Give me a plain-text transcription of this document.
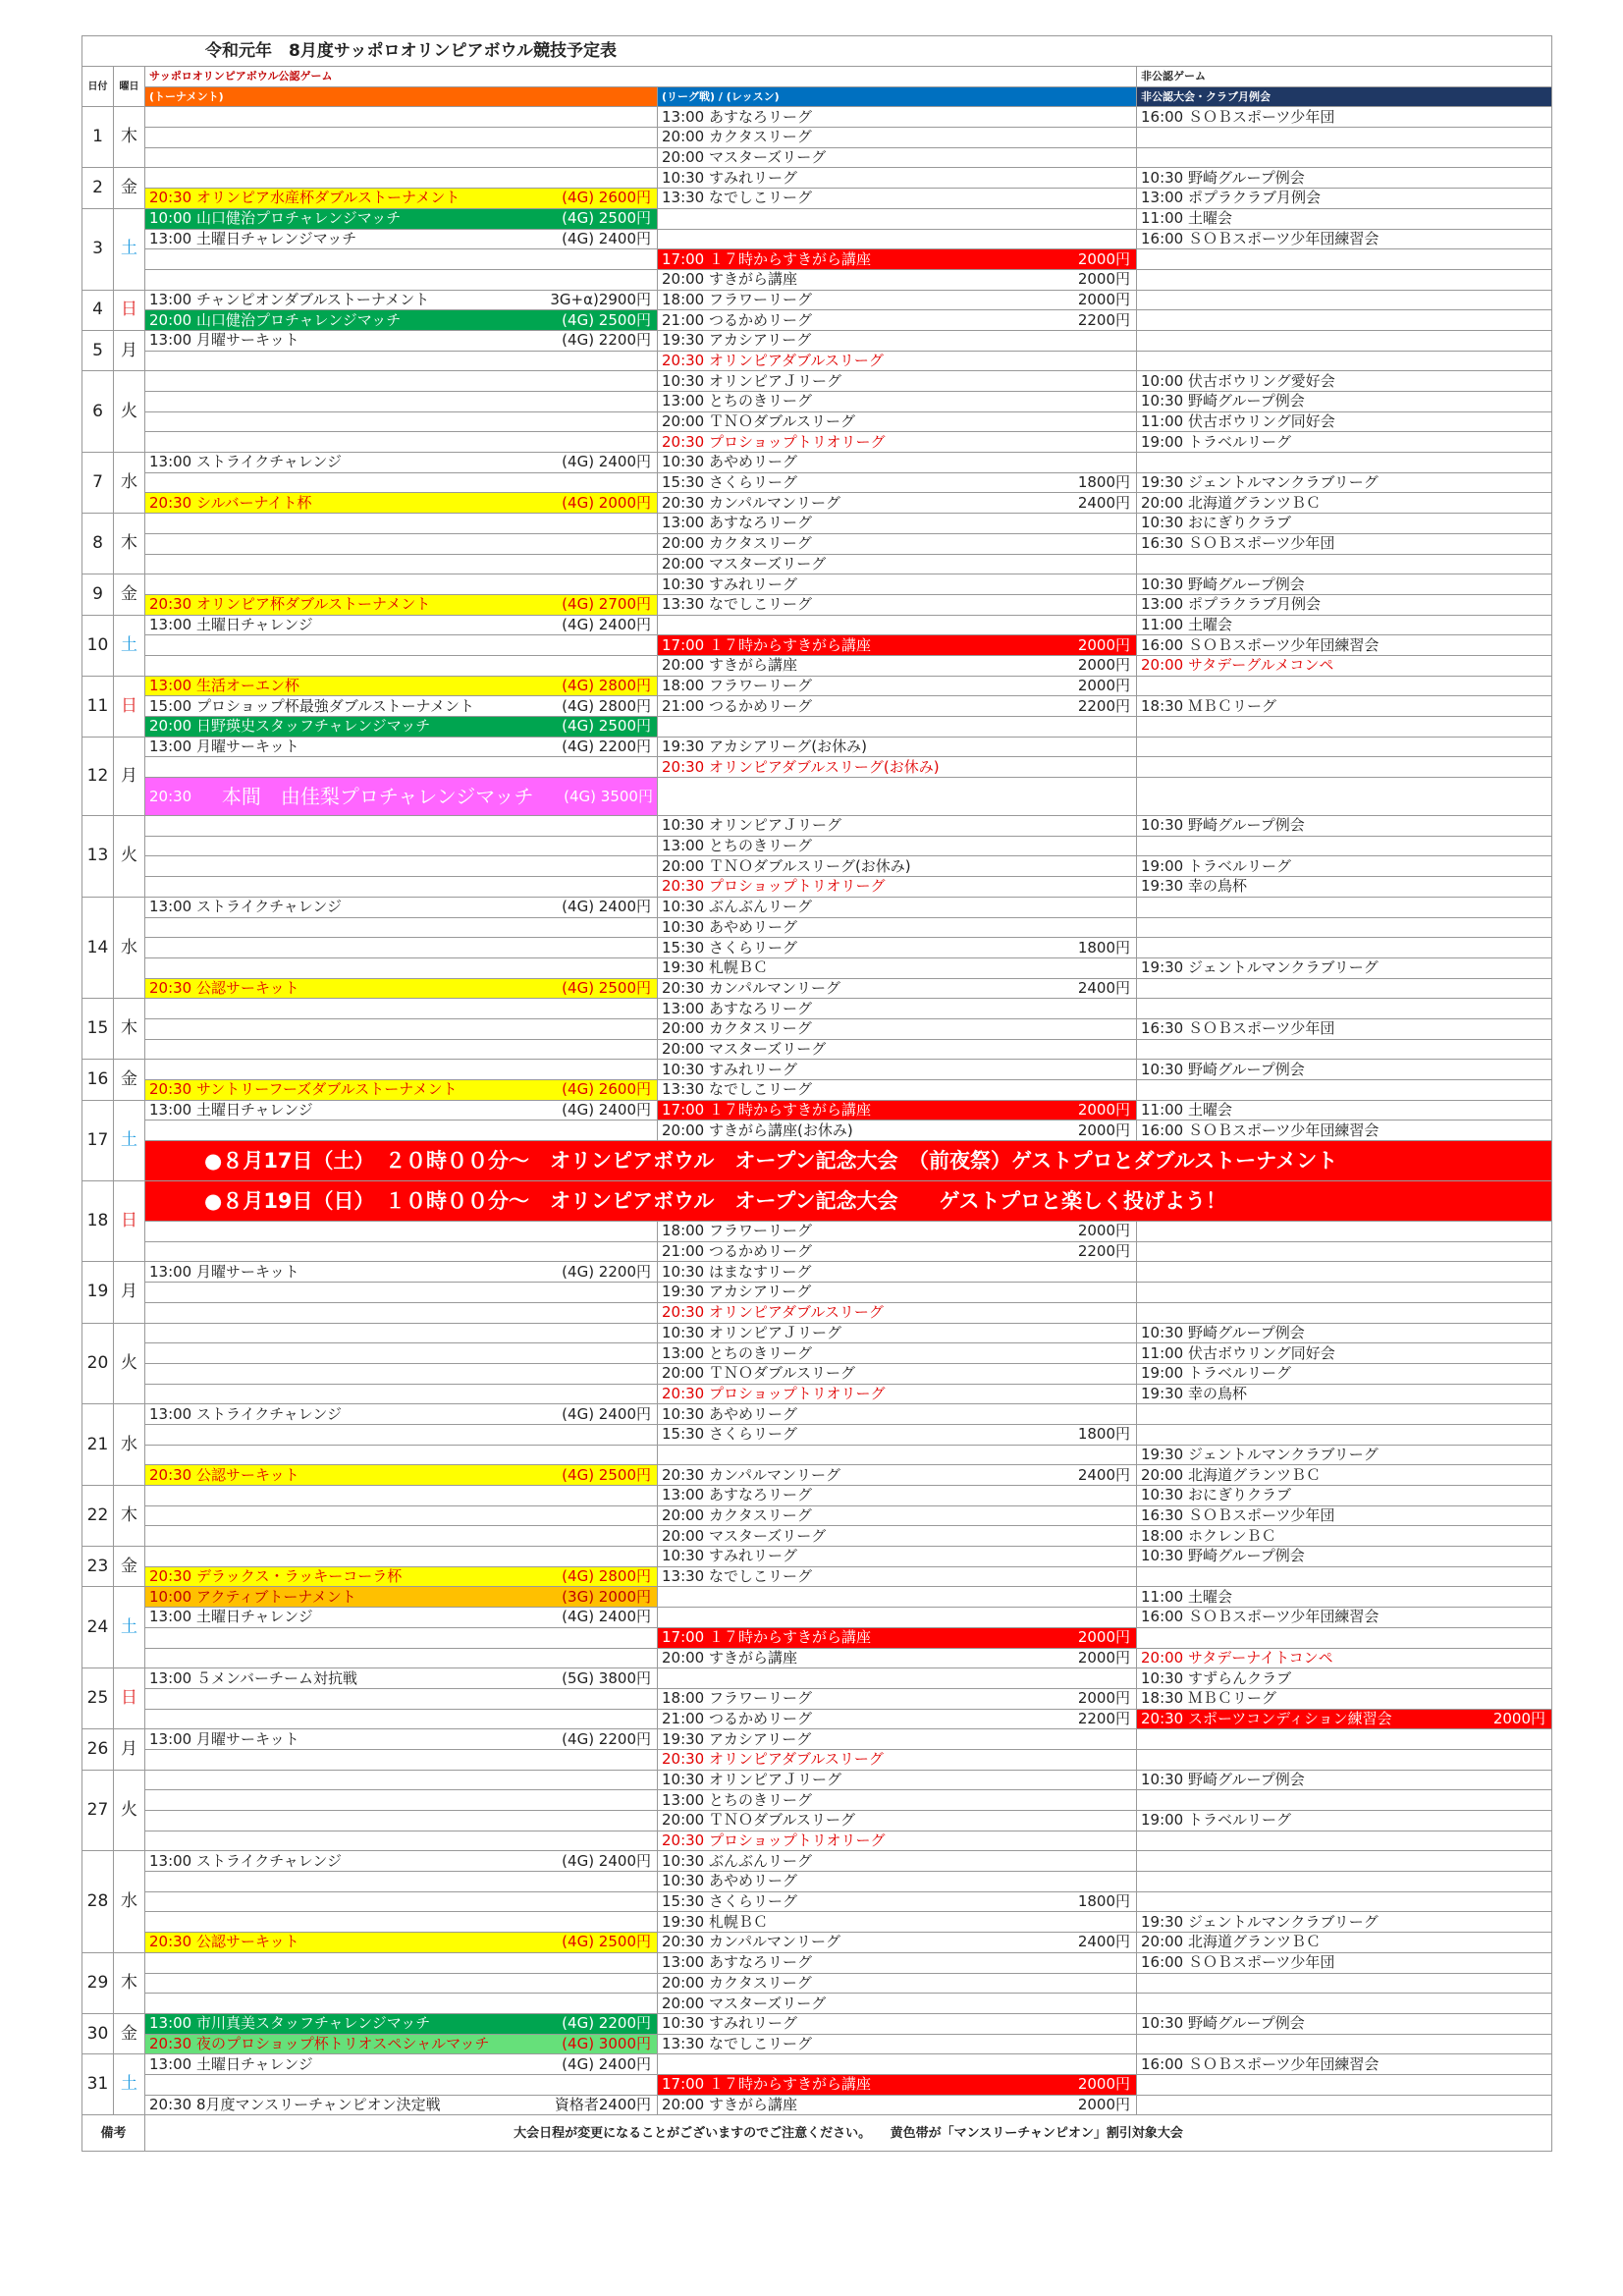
令和元年　8月度サッポロオリンピアボウル競技予定表				
日付	曜日	サッポロオリンピアボウル公認ゲーム		非公認ゲーム
		(トーナメント)	(リーグ戦) / (レッスン)	非公認大会・クラブ月例会
1	木		13:00 あすなろリーグ	16:00 ＳＯＢスポーツ少年団

			20:00 カクタスリーグ	

			20:00 マスターズリーグ	

2	金		10:30 すみれリーグ	10:30 野崎グループ例会

		20:30 オリンピア水産杯ダブルストーナメント (4G) 2600円	13:30 なでしこリーグ	13:00 ポプラクラブ月例会

3	土	10:00 山口健治プロチャレンジマッチ (4G) 2500円		11:00 土曜会

		13:00 土曜日チャレンジマッチ (4G) 2400円		16:00 ＳＯＢスポーツ少年団練習会

			17:00 １７時からすきがら講座 2000円	

			20:00 すきがら講座 2000円	

4	日	13:00 チャンピオンダブルストーナメント 3G+α)2900円	18:00 フラワーリーグ 2000円	

		20:00 山口健治プロチャレンジマッチ (4G) 2500円	21:00 つるかめリーグ 2200円	

5	月	13:00 月曜サーキット (4G) 2200円	19:30 アカシアリーグ	

			20:30 オリンピアダブルスリーグ	

6	火		10:30 オリンピアＪリーグ	10:00 伏古ボウリング愛好会

			13:00 とちのきリーグ	10:30 野崎グループ例会

			20:00 ＴＮＯダブルスリーグ	11:00 伏古ボウリング同好会

			20:30 プロショップトリオリーグ	19:00 トラベルリーグ

7	水	13:00 ストライクチャレンジ (4G) 2400円	10:30 あやめリーグ	

			15:30 さくらリーグ 1800円	19:30 ジェントルマンクラブリーグ

		20:30 シルバーナイト杯 (4G) 2000円	20:30 カンパルマンリーグ 2400円	20:00 北海道グランツＢＣ

8	木		13:00 あすなろリーグ	10:30 おにぎりクラブ

			20:00 カクタスリーグ	16:30 ＳＯＢスポーツ少年団

			20:00 マスターズリーグ	

9	金		10:30 すみれリーグ	10:30 野崎グループ例会

		20:30 オリンピア杯ダブルストーナメント (4G) 2700円	13:30 なでしこリーグ	13:00 ポプラクラブ月例会

10	土	13:00 土曜日チャレンジ (4G) 2400円		11:00 土曜会

			17:00 １７時からすきがら講座 2000円	16:00 ＳＯＢスポーツ少年団練習会

			20:00 すきがら講座 2000円	20:00 サタデーグルメコンペ

11	日	13:00 生活オーエン杯 (4G) 2800円	18:00 フラワーリーグ 2000円	

		15:00 プロショップ杯最強ダブルストーナメント (4G) 2800円	21:00 つるかめリーグ 2200円	18:30 ＭＢＣリーグ

		20:00 日野瑛史スタッフチャレンジマッチ (4G) 2500円		

12	月	13:00 月曜サーキット (4G) 2200円	19:30 アカシアリーグ(お休み)	

			20:30 オリンピアダブルスリーグ(お休み)	

		20:30 本間　由佳梨プロチャレンジマッチ (4G) 3500円		

13	火		10:30 オリンピアＪリーグ	10:30 野崎グループ例会

			13:00 とちのきリーグ	

			20:00 ＴＮＯダブルスリーグ(お休み)	19:00 トラベルリーグ

			20:30 プロショップトリオリーグ	19:30 幸の鳥杯

14	水	13:00 ストライクチャレンジ (4G) 2400円	10:30 ぶんぶんリーグ	

			10:30 あやめリーグ	

			15:30 さくらリーグ 1800円	

			19:30 札幌ＢＣ	19:30 ジェントルマンクラブリーグ

		20:30 公認サーキット (4G) 2500円	20:30 カンパルマンリーグ 2400円	

15	木		13:00 あすなろリーグ	

			20:00 カクタスリーグ	16:30 ＳＯＢスポーツ少年団

			20:00 マスターズリーグ	

16	金		10:30 すみれリーグ	10:30 野崎グループ例会

		20:30 サントリーフーズダブルストーナメント (4G) 2600円	13:30 なでしこリーグ	

17	土	13:00 土曜日チャレンジ (4G) 2400円	17:00 １７時からすきがら講座 2000円	11:00 土曜会

			20:00 すきがら講座(お休み) 2000円	16:00 ＳＯＢスポーツ少年団練習会

		●８月17日（土）　２０時００分～　オリンピアボウル　オープン記念大会　（前夜祭）ゲストプロとダブルストーナメント		
18	日	●８月19日（日）　１０時００分～　オリンピアボウル　オープン記念大会　　ゲストプロと楽しく投げよう！		

			18:00 フラワーリーグ 2000円	

			21:00 つるかめリーグ 2200円	

19	月	13:00 月曜サーキット (4G) 2200円	10:30 はまなすリーグ	

			19:30 アカシアリーグ	

			20:30 オリンピアダブルスリーグ	

20	火		10:30 オリンピアＪリーグ	10:30 野崎グループ例会

			13:00 とちのきリーグ	11:00 伏古ボウリング同好会

			20:00 ＴＮＯダブルスリーグ	19:00 トラベルリーグ

			20:30 プロショップトリオリーグ	19:30 幸の鳥杯

21	水	13:00 ストライクチャレンジ (4G) 2400円	10:30 あやめリーグ	

			15:30 さくらリーグ 1800円	

				19:30 ジェントルマンクラブリーグ

		20:30 公認サーキット (4G) 2500円	20:30 カンパルマンリーグ 2400円	20:00 北海道グランツＢＣ

22	木		13:00 あすなろリーグ	10:30 おにぎりクラブ

			20:00 カクタスリーグ	16:30 ＳＯＢスポーツ少年団

			20:00 マスターズリーグ	18:00 ホクレンＢＣ

23	金		10:30 すみれリーグ	10:30 野崎グループ例会

		20:30 デラックス・ラッキーコーラ杯 (4G) 2800円	13:30 なでしこリーグ	

24	土	10:00 アクティブトーナメント (3G) 2000円		11:00 土曜会

		13:00 土曜日チャレンジ (4G) 2400円		16:00 ＳＯＢスポーツ少年団練習会

			17:00 １７時からすきがら講座 2000円	

			20:00 すきがら講座 2000円	20:00 サタデーナイトコンペ

25	日	13:00 ５メンバーチーム対抗戦 (5G) 3800円		10:30 すずらんクラブ

			18:00 フラワーリーグ 2000円	18:30 ＭＢＣリーグ

			21:00 つるかめリーグ 2200円	20:30 スポーツコンディション練習会 2000円

26	月	13:00 月曜サーキット (4G) 2200円	19:30 アカシアリーグ	

			20:30 オリンピアダブルスリーグ	

27	火		10:30 オリンピアＪリーグ	10:30 野崎グループ例会

			13:00 とちのきリーグ	

			20:00 ＴＮＯダブルスリーグ	19:00 トラベルリーグ

			20:30 プロショップトリオリーグ	

28	水	13:00 ストライクチャレンジ (4G) 2400円	10:30 ぶんぶんリーグ	

			10:30 あやめリーグ	

			15:30 さくらリーグ 1800円	

			19:30 札幌ＢＣ	19:30 ジェントルマンクラブリーグ

		20:30 公認サーキット (4G) 2500円	20:30 カンパルマンリーグ 2400円	20:00 北海道グランツＢＣ

29	木		13:00 あすなろリーグ	16:00 ＳＯＢスポーツ少年団

			20:00 カクタスリーグ	

			20:00 マスターズリーグ	

30	金	13:00 市川真美スタッフチャレンジマッチ (4G) 2200円	10:30 すみれリーグ	10:30 野崎グループ例会

		20:30 夜のプロショップ杯トリオスペシャルマッチ (4G) 3000円	13:30 なでしこリーグ	

31	土	13:00 土曜日チャレンジ (4G) 2400円		16:00 ＳＯＢスポーツ少年団練習会

			17:00 １７時からすきがら講座 2000円	

		20:30 8月度マンスリーチャンピオン決定戦 資格者2400円	20:00 すきがら講座 2000円	

備考		大会日程が変更になることがございますのでご注意ください。　　黄色帯が「マンスリーチャンピオン」割引対象大会		
